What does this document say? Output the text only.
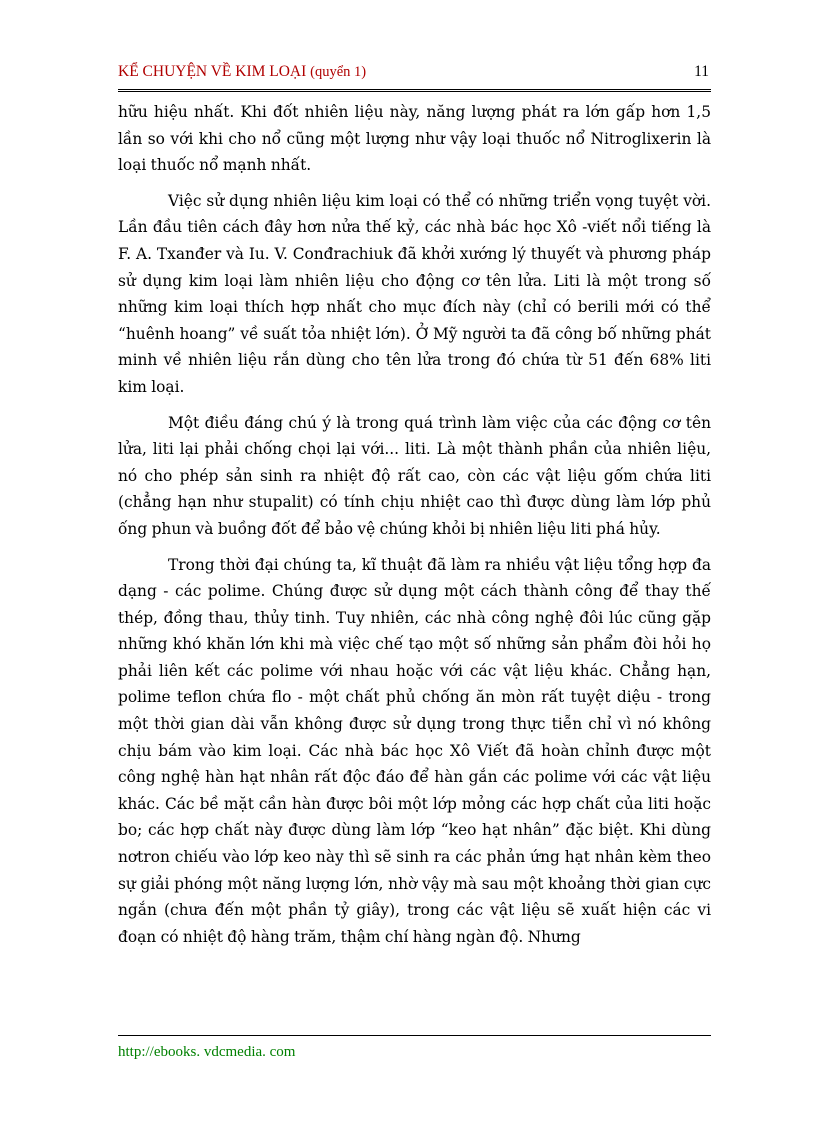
KỂ CHUYỆN VỀ KIM LOẠI (quyển 1)	11

hữu hiệu nhất. Khi đốt nhiên liệu này, năng lượng phát ra lớn gấp hơn 1,5 lần so với khi cho nổ cũng một lượng như vậy loại thuốc nổ Nitroglixerin là loại thuốc nổ mạnh nhất.

Việc sử dụng nhiên liệu kim loại có thể có những triển vọng tuyệt vời. Lần đầu tiên cách đây hơn nửa thế kỷ, các nhà bác học Xô -viết nổi tiếng là F. A. Txanđer và Iu. V. Conđrachiuk đã khởi xướng lý thuyết và phương pháp sử dụng kim loại làm nhiên liệu cho động cơ tên lửa. Liti là một trong số những kim loại thích hợp nhất cho mục đích này (chỉ có berili mới có thể “huênh hoang” về suất tỏa nhiệt lớn). Ở Mỹ người ta đã công bố những phát minh về nhiên liệu rắn dùng cho tên lửa trong đó chứa từ 51 đến 68% liti kim loại.

Một điều đáng chú ý là trong quá trình làm việc của các động cơ tên lửa, liti lại phải chống chọi lại với... liti. Là một thành phần của nhiên liệu, nó cho phép sản sinh ra nhiệt độ rất cao, còn các vật liệu gốm chứa liti (chẳng hạn như stupalit) có tính chịu nhiệt cao thì được dùng làm lớp phủ ống phun và buồng đốt để bảo vệ chúng khỏi bị nhiên liệu liti phá hủy.

Trong thời đại chúng ta, kĩ thuật đã làm ra nhiều vật liệu tổng hợp đa dạng - các polime. Chúng được sử dụng một cách thành công để thay thế thép, đồng thau, thủy tinh. Tuy nhiên, các nhà công nghệ đôi lúc cũng gặp những khó khăn lớn khi mà việc chế tạo một số những sản phẩm đòi hỏi họ phải liên kết các polime với nhau hoặc với các vật liệu khác. Chẳng hạn, polime teflon chứa flo - một chất phủ chống ăn mòn rất tuyệt diệu - trong một thời gian dài vẫn không được sử dụng trong thực tiễn chỉ vì nó không chịu bám vào kim loại. Các nhà bác học Xô Viết đã hoàn chỉnh được một công nghệ hàn hạt nhân rất độc đáo để hàn gắn các polime với các vật liệu khác. Các bề mặt cần hàn được bôi một lớp mỏng các hợp chất của liti hoặc bo; các hợp chất này được dùng làm lớp “keo hạt nhân” đặc biệt. Khi dùng nơtron chiếu vào lớp keo này thì sẽ sinh ra các phản ứng hạt nhân kèm theo sự giải phóng một năng lượng lớn, nhờ vậy mà sau một khoảng thời gian cực ngắn (chưa đến một phần tỷ giây), trong các vật liệu sẽ xuất hiện các vi đoạn có nhiệt độ hàng trăm, thậm chí hàng ngàn độ. Nhưng

http://ebooks. vdcmedia. com
